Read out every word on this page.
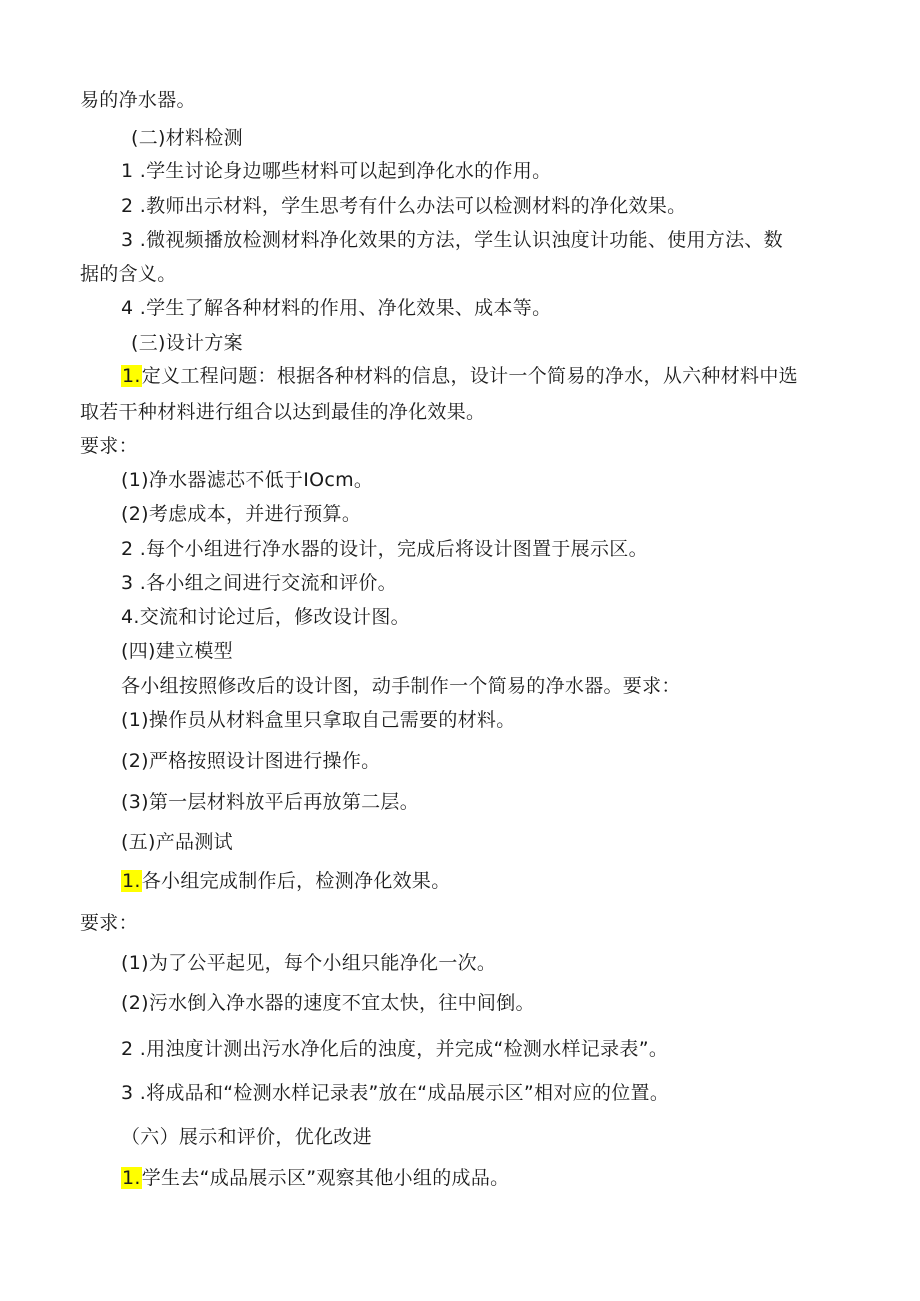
易的净水器。
(二)材料检测
1 .学生讨论身边哪些材料可以起到净化水的作用。
2 .教师出示材料，学生思考有什么办法可以检测材料的净化效果。
3 .微视频播放检测材料净化效果的方法，学生认识浊度计功能、使用方法、数
据的含义。
4 .学生了解各种材料的作用、净化效果、成本等。
(三)设计方案
1.定义工程问题：根据各种材料的信息，设计一个简易的净水，从六种材料中选
取若干种材料进行组合以达到最佳的净化效果。
要求：
(1)净水器滤芯不低于IOcm。
(2)考虑成本，并进行预算。
2 .每个小组进行净水器的设计，完成后将设计图置于展示区。
3 .各小组之间进行交流和评价。
4.交流和讨论过后，修改设计图。
(四)建立模型
各小组按照修改后的设计图，动手制作一个简易的净水器。要求：
(1)操作员从材料盒里只拿取自己需要的材料。
(2)严格按照设计图进行操作。
(3)第一层材料放平后再放第二层。
(五)产品测试
1.各小组完成制作后，检测净化效果。
要求：
(1)为了公平起见，每个小组只能净化一次。
(2)污水倒入净水器的速度不宜太快，往中间倒。
2 .用浊度计测出污水净化后的浊度，并完成“检测水样记录表”。
3 .将成品和“检测水样记录表”放在“成品展示区”相对应的位置。
（六）展示和评价，优化改进
1.学生去“成品展示区”观察其他小组的成品。
